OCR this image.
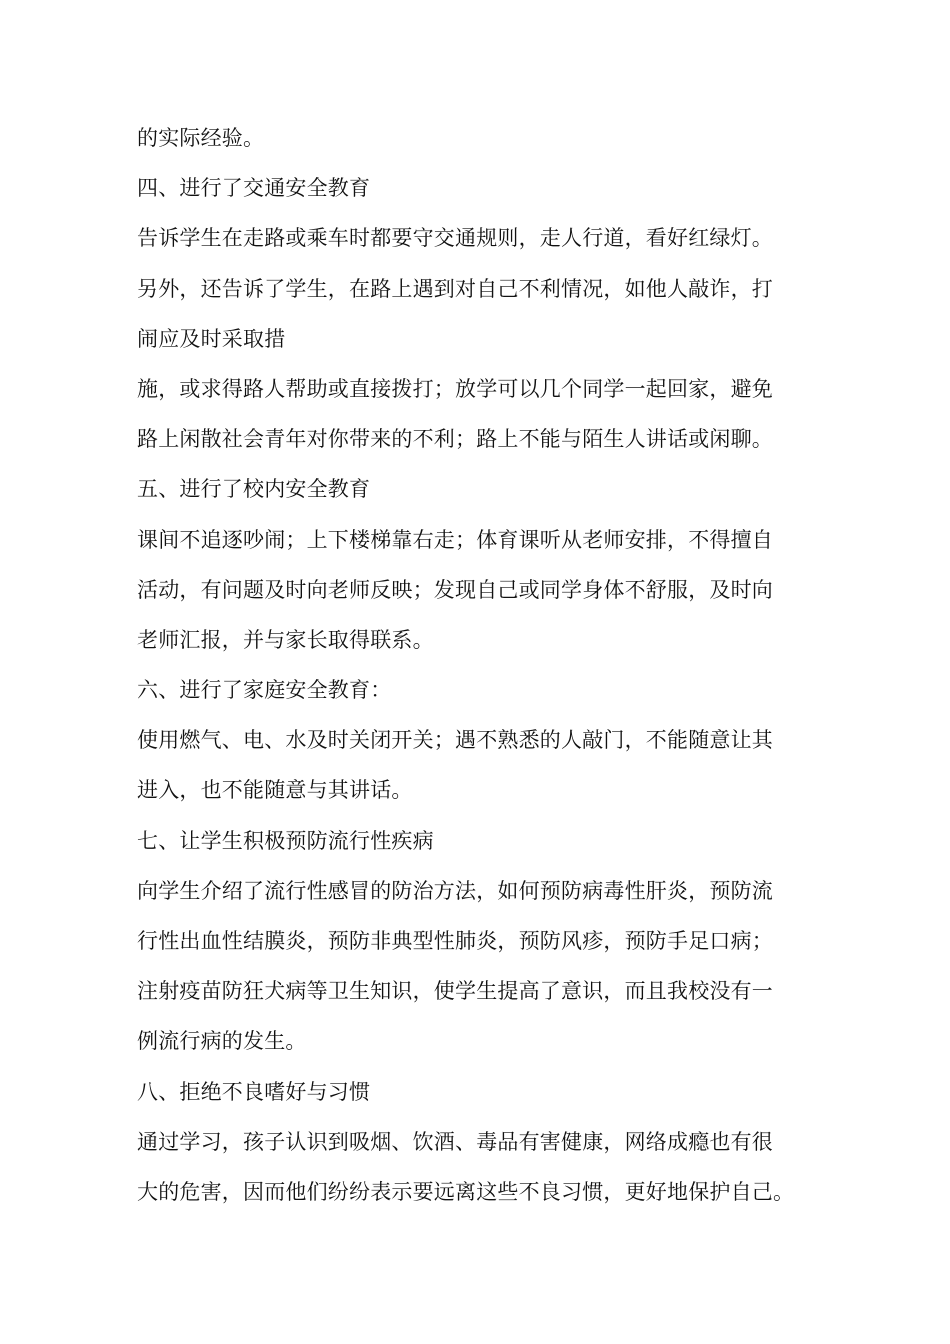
的实际经验。
四、进行了交通安全教育
告诉学生在走路或乘车时都要守交通规则，走人行道，看好红绿灯。
另外，还告诉了学生，在路上遇到对自己不利情况，如他人敲诈，打
闹应及时采取措
施，或求得路人帮助或直接拨打；放学可以几个同学一起回家，避免
路上闲散社会青年对你带来的不利；路上不能与陌生人讲话或闲聊。
五、进行了校内安全教育
课间不追逐吵闹；上下楼梯靠右走；体育课听从老师安排，不得擅自
活动，有问题及时向老师反映；发现自己或同学身体不舒服，及时向
老师汇报，并与家长取得联系。
六、进行了家庭安全教育：
使用燃气、电、水及时关闭开关；遇不熟悉的人敲门，不能随意让其
进入，也不能随意与其讲话。
七、让学生积极预防流行性疾病
向学生介绍了流行性感冒的防治方法，如何预防病毒性肝炎，预防流
行性出血性结膜炎，预防非典型性肺炎，预防风疹，预防手足口病；
注射疫苗防狂犬病等卫生知识，使学生提高了意识，而且我校没有一
例流行病的发生。
八、拒绝不良嗜好与习惯
通过学习，孩子认识到吸烟、饮酒、毒品有害健康，网络成瘾也有很
大的危害，因而他们纷纷表示要远离这些不良习惯，更好地保护自己。
